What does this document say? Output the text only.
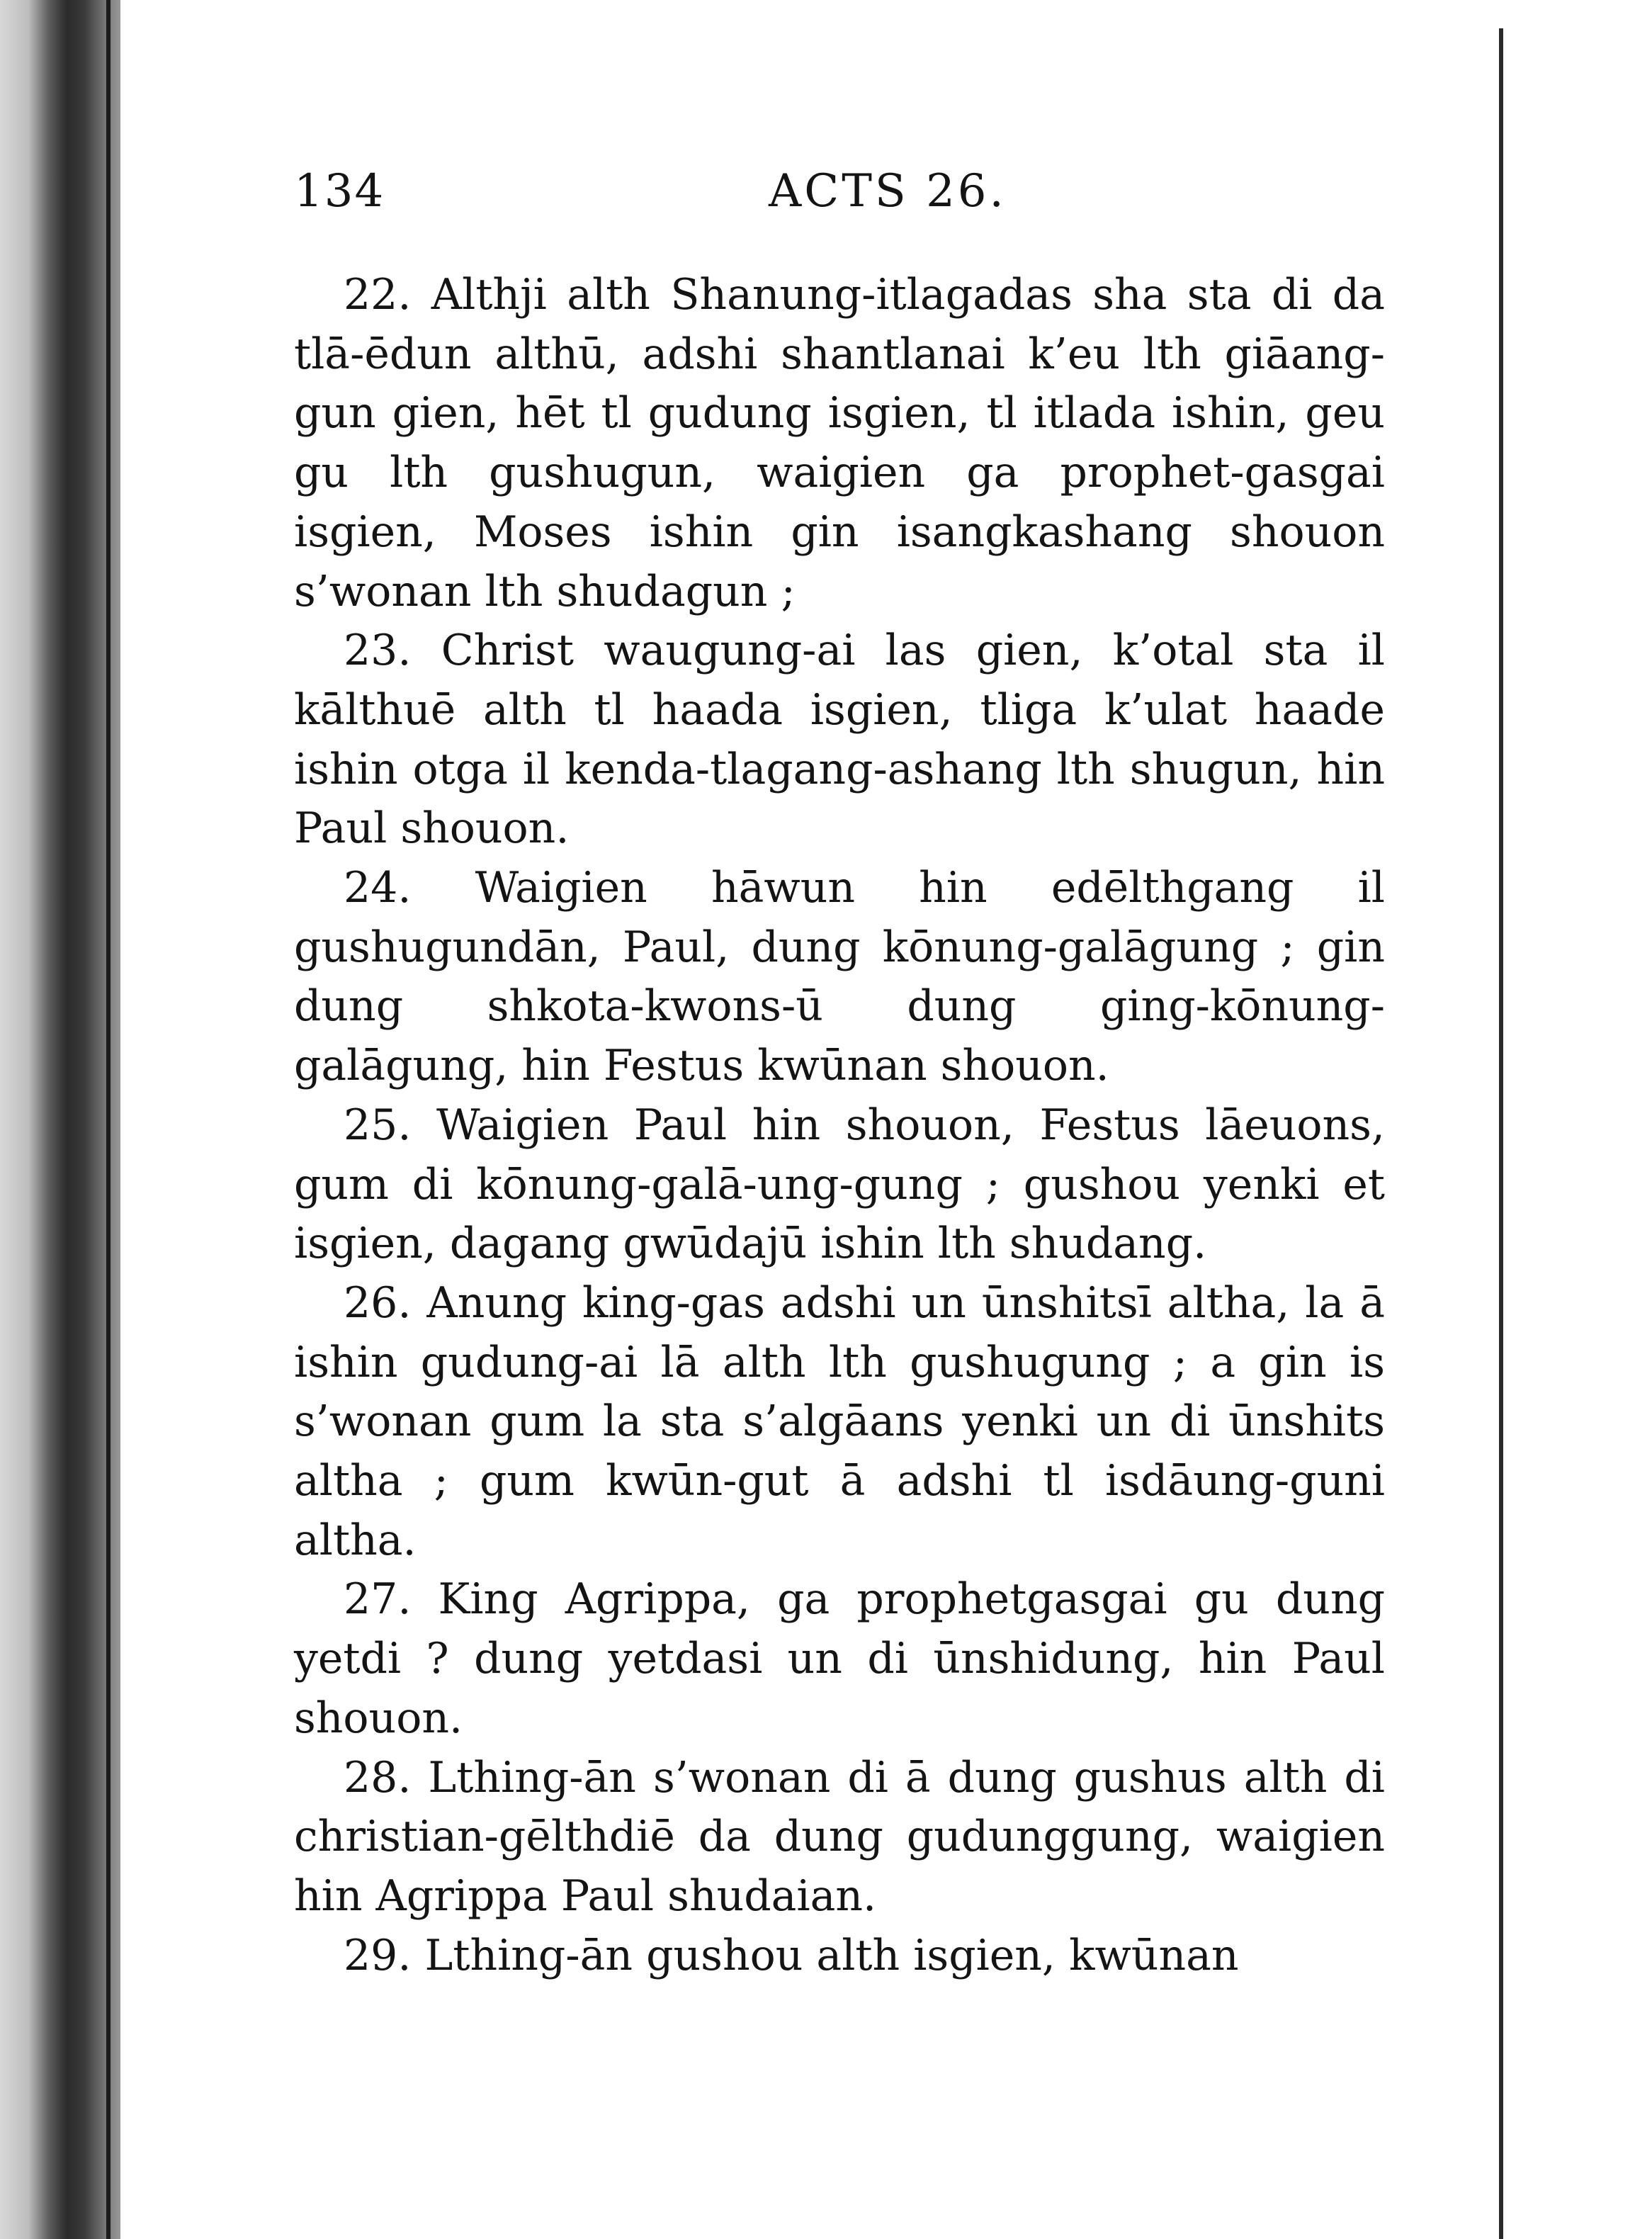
134	ACTS 26.

22. Althji alth Shanung-itlagadas sha sta di da tlā-ēdun althū, adshi shantlanai k’eu lth giāang-gun gien, hēt tl gudung isgien, tl itlada ishin, geu gu lth gushugun, waigien ga prophet-gasgai isgien, Moses ishin gin isangkashang shouon s’wonan lth shudagun ;

23. Christ waugung-ai las gien, k’otal sta il kālthuē alth tl haada isgien, tliga k’ulat haade ishin otga il kenda-tlagang-ashang lth shugun, hin Paul shouon.

24. Waigien hāwun hin edēlthgang il gushugundān, Paul, dung kōnung-galāgung ; gin dung shkota-kwons-ū dung ging-kōnung-galāgung, hin Festus kwūnan shouon.

25. Waigien Paul hin shouon, Festus lāeuons, gum di kōnung-galā-ung-gung ; gushou yenki et isgien, dagang gwūdajū ishin lth shudang.

26. Anung king-gas adshi un ūnshitsī altha, la ā ishin gudung-ai lā alth lth gushugung ; a gin is s’wonan gum la sta s’algāans yenki un di ūnshits altha ; gum kwūn-gut ā adshi tl isdāung-guni altha.

27. King Agrippa, ga prophetgasgai gu dung yetdi ? dung yetdasi un di ūnshidung, hin Paul shouon.

28. Lthing-ān s’wonan di ā dung gushus alth di christian-gēlthdiē da dung gudunggung, waigien hin Agrippa Paul shudaian.

29. Lthing-ān gushou alth isgien, kwūnan
